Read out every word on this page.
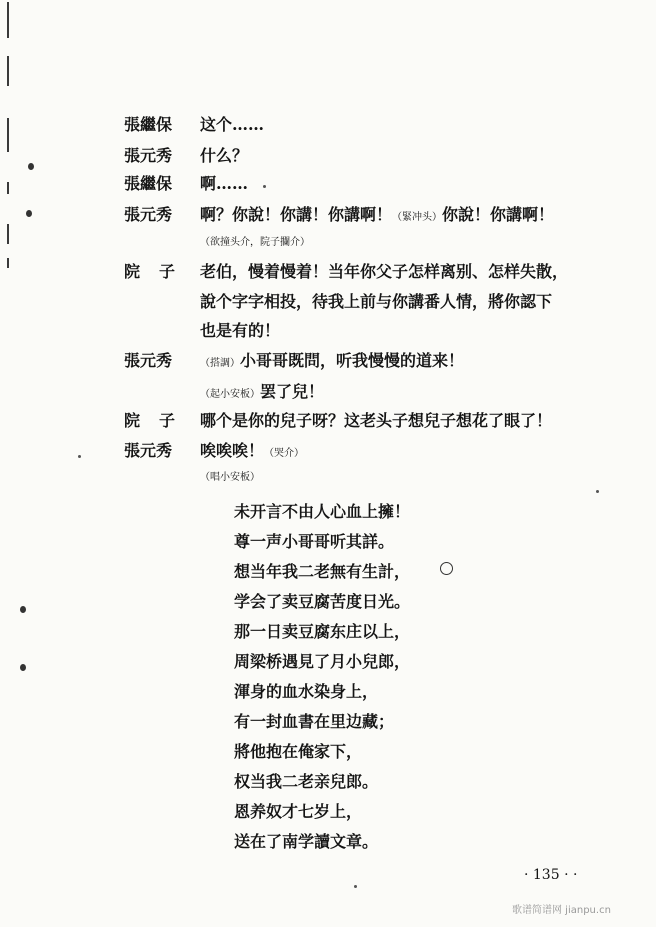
張繼保 这个……
張元秀 什么？
張繼保 啊……
張元秀 啊？你說！你講！你講啊！（緊冲头）你說！你講啊！
（欲撞头介，院子攔介）
院子 老伯，慢着慢着！当年你父子怎样离别、怎样失散，
說个字字相投，待我上前与你講番人情，將你認下
也是有的！
張元秀	（搭調）小哥哥既問，听我慢慢的道来！
（起小安板）罢了兒！
院子 哪个是你的兒子呀？这老头子想兒子想花了眼了！
張元秀 唉唉唉！（哭介）
（唱小安板）
未开言不由人心血上擁！
尊一声小哥哥听其詳。
想当年我二老無有生計，
学会了卖豆腐苦度日光。
那一日卖豆腐东庄以上，
周梁桥遇見了月小兒郎，
渾身的血水染身上，
有一封血書在里边藏；
將他抱在俺家下，
权当我二老亲兒郎。
恩养奴才七岁上，
送在了南学讀文章。
· 135 · ·
歌谱简谱网 jianpu.cn
